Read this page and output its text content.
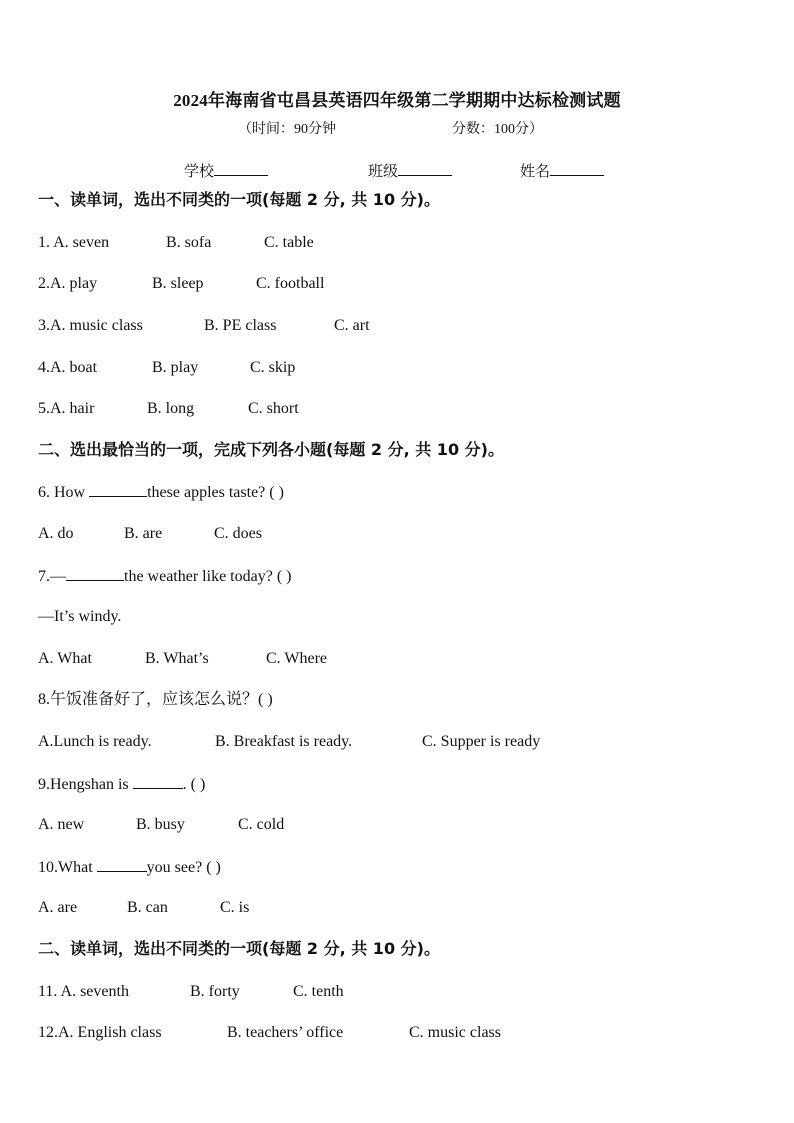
2024年海南省屯昌县英语四年级第二学期期中达标检测试题
（时间：90分钟	分数：100分）
学校	班级	姓名
一、读单词，选出不同类的一项(每题 2 分, 共 10 分)。
1. A. seven	B. sofa	C. table
2.A. play	B. sleep	C. football
3.A. music class	B. PE class	C. art
4.A. boat	B. play	C. skip
5.A. hair	B. long	C. short
二、选出最恰当的一项，完成下列各小题(每题 2 分, 共 10 分)。
6. How	these apples taste? ( )
A. do	B. are	C. does
7.—	the weather like today? ( )
—It’s windy.
A. What	B. What’s	C. Where
8.午饭准备好了，应该怎么说？( )
A.Lunch is ready.	B. Breakfast is ready.	C. Supper is ready
9.Hengshan is	. ( )
A. new	B. busy	C. cold
10.What	you see? ( )
A. are	B. can	C. is
二、读单词，选出不同类的一项(每题 2 分, 共 10 分)。
11. A. seventh	B. forty	C. tenth
12.A. English class	B. teachers’ office	C. music class
